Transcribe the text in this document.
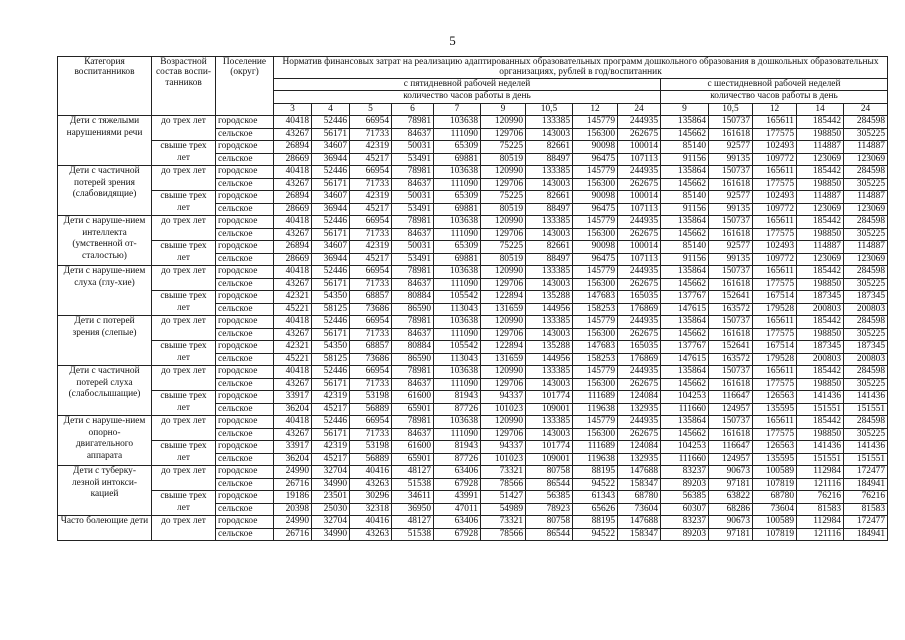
5
Категория воспитанников	Возрастной состав воспи-танников	Поселение (округ)	Норматив финансовых затрат на реализацию адаптированных образовательных программ дошкольного образования в дошкольных образовательных организациях, рублей в год/воспитанник													
			с пятидневной рабочей неделей									с шестидневной рабочей неделей				
			количество часов работы в день									количество часов работы в день				
			3	4	5	6	7	9	10,5	12	24	9	10,5	12	14	24
Дети с тяжелыми нарушениями речи	до трех лет	городское	40418	52446	66954	78981	103638	120990	133385	145779	244935	135864	150737	165611	185442	284598
		сельское	43267	56171	71733	84637	111090	129706	143003	156300	262675	145662	161618	177575	198850	305225
	свыше трех лет	городское	26894	34607	42319	50031	65309	75225	82661	90098	100014	85140	92577	102493	114887	114887
		сельское	28669	36944	45217	53491	69881	80519	88497	96475	107113	91156	99135	109772	123069	123069
Дети с частичной потерей зрения (слабовидящие)	до трех лет	городское	40418	52446	66954	78981	103638	120990	133385	145779	244935	135864	150737	165611	185442	284598
		сельское	43267	56171	71733	84637	111090	129706	143003	156300	262675	145662	161618	177575	198850	305225
	свыше трех лет	городское	26894	34607	42319	50031	65309	75225	82661	90098	100014	85140	92577	102493	114887	114887
		сельское	28669	36944	45217	53491	69881	80519	88497	96475	107113	91156	99135	109772	123069	123069
Дети с наруше-нием интеллекта (умственной от-сталостью)	до трех лет	городское	40418	52446	66954	78981	103638	120990	133385	145779	244935	135864	150737	165611	185442	284598
		сельское	43267	56171	71733	84637	111090	129706	143003	156300	262675	145662	161618	177575	198850	305225
	свыше трех лет	городское	26894	34607	42319	50031	65309	75225	82661	90098	100014	85140	92577	102493	114887	114887
		сельское	28669	36944	45217	53491	69881	80519	88497	96475	107113	91156	99135	109772	123069	123069
Дети с наруше-нием слуха (глу-хие)	до трех лет	городское	40418	52446	66954	78981	103638	120990	133385	145779	244935	135864	150737	165611	185442	284598
		сельское	43267	56171	71733	84637	111090	129706	143003	156300	262675	145662	161618	177575	198850	305225
	свыше трех лет	городское	42321	54350	68857	80884	105542	122894	135288	147683	165035	137767	152641	167514	187345	187345
		сельское	45221	58125	73686	86590	113043	131659	144956	158253	176869	147615	163572	179528	200803	200803
Дети с потерей зрения (слепые)	до трех лет	городское	40418	52446	66954	78981	103638	120990	133385	145779	244935	135864	150737	165611	185442	284598
		сельское	43267	56171	71733	84637	111090	129706	143003	156300	262675	145662	161618	177575	198850	305225
	свыше трех лет	городское	42321	54350	68857	80884	105542	122894	135288	147683	165035	137767	152641	167514	187345	187345
		сельское	45221	58125	73686	86590	113043	131659	144956	158253	176869	147615	163572	179528	200803	200803
Дети с частичной потерей слуха (слабослышащие)	до трех лет	городское	40418	52446	66954	78981	103638	120990	133385	145779	244935	135864	150737	165611	185442	284598
		сельское	43267	56171	71733	84637	111090	129706	143003	156300	262675	145662	161618	177575	198850	305225
	свыше трех лет	городское	33917	42319	53198	61600	81943	94337	101774	111689	124084	104253	116647	126563	141436	141436
		сельское	36204	45217	56889	65901	87726	101023	109001	119638	132935	111660	124957	135595	151551	151551
Дети с наруше-нием опорно-двигательного аппарата	до трех лет	городское	40418	52446	66954	78981	103638	120990	133385	145779	244935	135864	150737	165611	185442	284598
		сельское	43267	56171	71733	84637	111090	129706	143003	156300	262675	145662	161618	177575	198850	305225
	свыше трех лет	городское	33917	42319	53198	61600	81943	94337	101774	111689	124084	104253	116647	126563	141436	141436
		сельское	36204	45217	56889	65901	87726	101023	109001	119638	132935	111660	124957	135595	151551	151551
Дети с туберку-лезной интокси-кацией	до трех лет	городское	24990	32704	40416	48127	63406	73321	80758	88195	147688	83237	90673	100589	112984	172477
		сельское	26716	34990	43263	51538	67928	78566	86544	94522	158347	89203	97181	107819	121116	184941
	свыше трех лет	городское	19186	23501	30296	34611	43991	51427	56385	61343	68780	56385	63822	68780	76216	76216
		сельское	20398	25030	32318	36950	47011	54989	78923	65626	73604	60307	68286	73604	81583	81583
Часто болеющие дети	до трех лет	городское	24990	32704	40416	48127	63406	73321	80758	88195	147688	83237	90673	100589	112984	172477
		сельское	26716	34990	43263	51538	67928	78566	86544	94522	158347	89203	97181	107819	121116	184941
